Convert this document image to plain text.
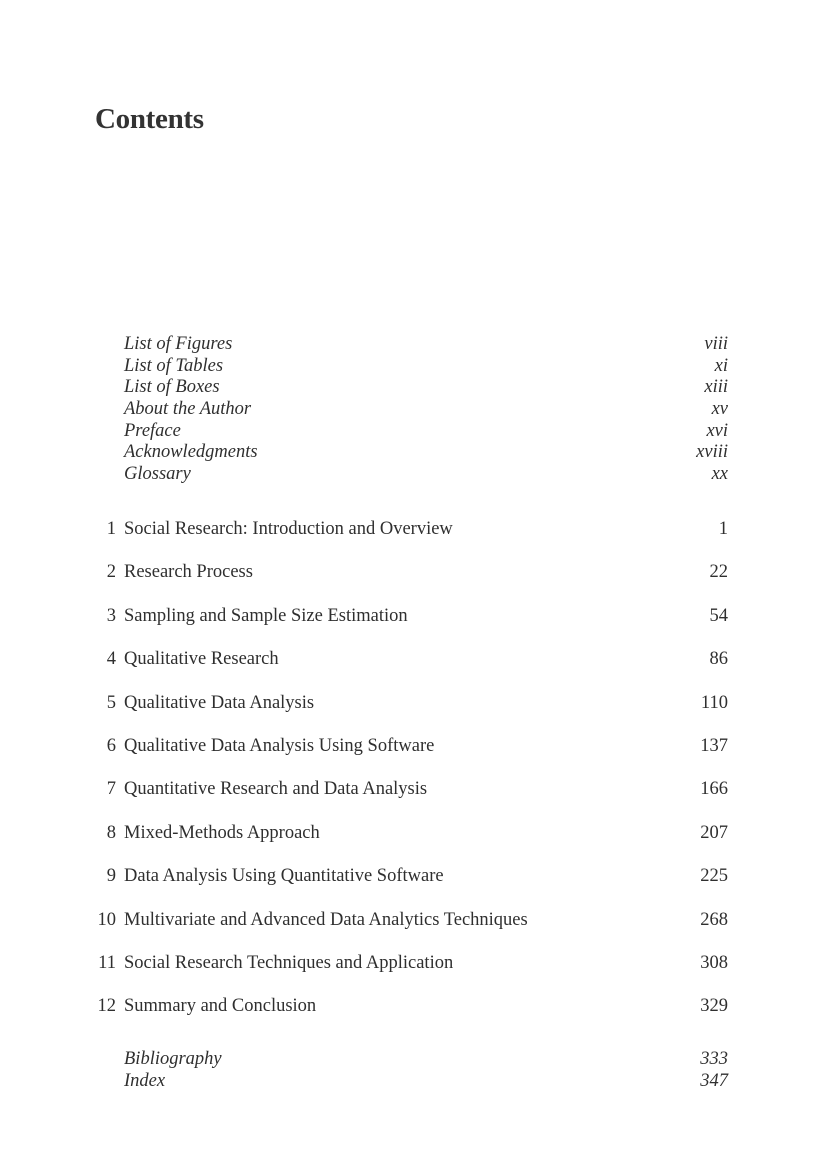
Contents
List of Figures	viii
List of Tables	xi
List of Boxes	xiii
About the Author	xv
Preface	xvi
Acknowledgments	xviii
Glossary	xx
1 Social Research: Introduction and Overview	1
2 Research Process	22
3 Sampling and Sample Size Estimation	54
4 Qualitative Research	86
5 Qualitative Data Analysis	110
6 Qualitative Data Analysis Using Software	137
7 Quantitative Research and Data Analysis	166
8 Mixed-Methods Approach	207
9 Data Analysis Using Quantitative Software	225
10 Multivariate and Advanced Data Analytics Techniques	268
11 Social Research Techniques and Application	308
12 Summary and Conclusion	329
Bibliography	333
Index	347
